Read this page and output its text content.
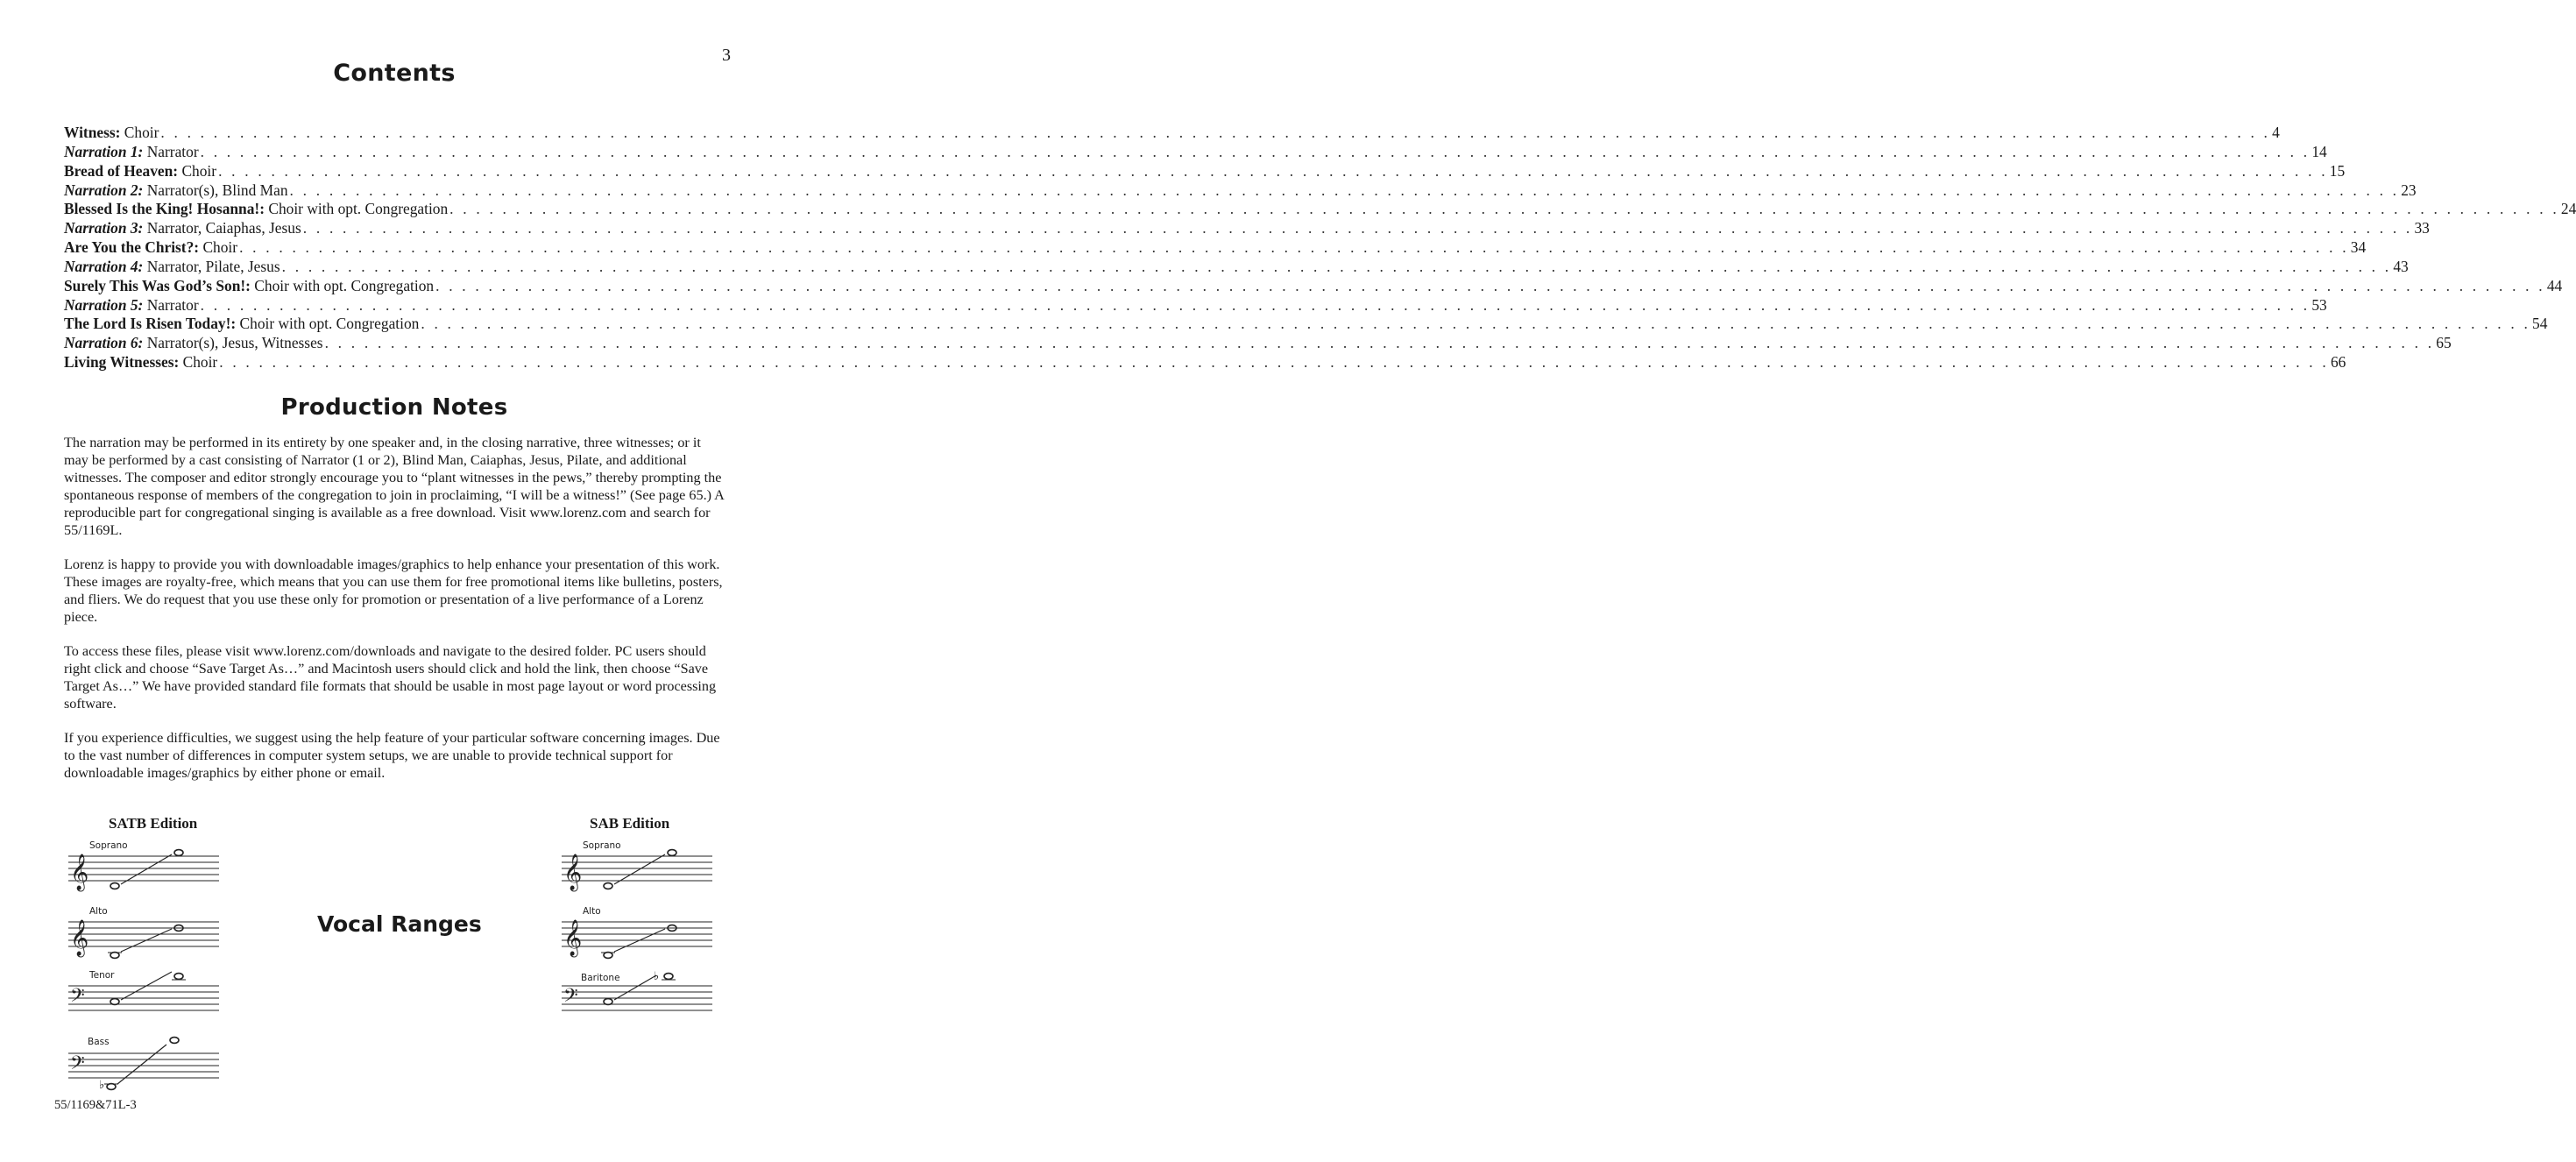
3
Contents
Witness: Choir . . . . . . . . . . . . . . . . . . . . . . . . . . . . . . . . . . . . . . . . . . . . . . . . . . . . . . . . . . . . . . . . . . . . . . . . . . . . . . . . . . . . . . . . . . . . . . . . . . . . . . . . . . . . . . . . . . . . . . . . . . . . . . . . . . . . . . . . . . . . . . . . . . . . . . . . . . . . . . . . 4
Narration 1: Narrator . . . . . . . . . . . . . . . . . . . . . . . . . . . . . . . . . . . . . . . . . . . . . . . . . . . . . . . . . . . . . . . . . . . . . . . . . . . . . . . . . . . . . . . . . . . . . . . . . . . . . . . . . . . . . . . . . . . . . . . . . . . . . . . . . . . . . . . . . . . . . . . . . . . . . . . . . . . . . . . . 14
Bread of Heaven: Choir . . . . . . . . . . . . . . . . . . . . . . . . . . . . . . . . . . . . . . . . . . . . . . . . . . . . . . . . . . . . . . . . . . . . . . . . . . . . . . . . . . . . . . . . . . . . . . . . . . . . . . . . . . . . . . . . . . . . . . . . . . . . . . . . . . . . . . . . . . . . . . . . . . . . . . . . . . . . . . . . 15
Narration 2: Narrator(s), Blind Man . . . . . . . . . . . . . . . . . . . . . . . . . . . . . . . . . . . . . . . . . . . . . . . . . . . . . . . . . . . . . . . . . . . . . . . . . . . . . . . . . . . . . . . . . . . . . . . . . . . . . . . . . . . . . . . . . . . . . . . . . . . . . . . . . . . . . . . . . . . . . . . . . . . . . . . . . . . . . . . . 23
Blessed Is the King! Hosanna!: Choir with opt. Congregation . . . . . . . . . . . . . . . . . . . . . . . . . . . . . . . . . . . . . . . . . . . . . . . . . . . . . . . . . . . . . . . . . . . . . . . . . . . . . . . . . . . . . . . . . . . . . . . . . . . . . . . . . . . . . . . . . . . . . . . . . . . . . . . . . . . . . . . . . . . . . . . . . . . . . . . . . . . . . . . . 24
Narration 3: Narrator, Caiaphas, Jesus . . . . . . . . . . . . . . . . . . . . . . . . . . . . . . . . . . . . . . . . . . . . . . . . . . . . . . . . . . . . . . . . . . . . . . . . . . . . . . . . . . . . . . . . . . . . . . . . . . . . . . . . . . . . . . . . . . . . . . . . . . . . . . . . . . . . . . . . . . . . . . . . . . . . . . . . . . . . . . . . 33
Are You the Christ?: Choir . . . . . . . . . . . . . . . . . . . . . . . . . . . . . . . . . . . . . . . . . . . . . . . . . . . . . . . . . . . . . . . . . . . . . . . . . . . . . . . . . . . . . . . . . . . . . . . . . . . . . . . . . . . . . . . . . . . . . . . . . . . . . . . . . . . . . . . . . . . . . . . . . . . . . . . . . . . . . . . . 34
Narration 4: Narrator, Pilate, Jesus . . . . . . . . . . . . . . . . . . . . . . . . . . . . . . . . . . . . . . . . . . . . . . . . . . . . . . . . . . . . . . . . . . . . . . . . . . . . . . . . . . . . . . . . . . . . . . . . . . . . . . . . . . . . . . . . . . . . . . . . . . . . . . . . . . . . . . . . . . . . . . . . . . . . . . . . . . . . . . . . 43
Surely This Was God’s Son!: Choir with opt. Congregation . . . . . . . . . . . . . . . . . . . . . . . . . . . . . . . . . . . . . . . . . . . . . . . . . . . . . . . . . . . . . . . . . . . . . . . . . . . . . . . . . . . . . . . . . . . . . . . . . . . . . . . . . . . . . . . . . . . . . . . . . . . . . . . . . . . . . . . . . . . . . . . . . . . . . . . . . . . . . . . . 44
Narration 5: Narrator . . . . . . . . . . . . . . . . . . . . . . . . . . . . . . . . . . . . . . . . . . . . . . . . . . . . . . . . . . . . . . . . . . . . . . . . . . . . . . . . . . . . . . . . . . . . . . . . . . . . . . . . . . . . . . . . . . . . . . . . . . . . . . . . . . . . . . . . . . . . . . . . . . . . . . . . . . . . . . . . 53
The Lord Is Risen Today!: Choir with opt. Congregation . . . . . . . . . . . . . . . . . . . . . . . . . . . . . . . . . . . . . . . . . . . . . . . . . . . . . . . . . . . . . . . . . . . . . . . . . . . . . . . . . . . . . . . . . . . . . . . . . . . . . . . . . . . . . . . . . . . . . . . . . . . . . . . . . . . . . . . . . . . . . . . . . . . . . . . . . . . . . . . . 54
Narration 6: Narrator(s), Jesus, Witnesses . . . . . . . . . . . . . . . . . . . . . . . . . . . . . . . . . . . . . . . . . . . . . . . . . . . . . . . . . . . . . . . . . . . . . . . . . . . . . . . . . . . . . . . . . . . . . . . . . . . . . . . . . . . . . . . . . . . . . . . . . . . . . . . . . . . . . . . . . . . . . . . . . . . . . . . . . . . . . . . . 65
Living Witnesses: Choir . . . . . . . . . . . . . . . . . . . . . . . . . . . . . . . . . . . . . . . . . . . . . . . . . . . . . . . . . . . . . . . . . . . . . . . . . . . . . . . . . . . . . . . . . . . . . . . . . . . . . . . . . . . . . . . . . . . . . . . . . . . . . . . . . . . . . . . . . . . . . . . . . . . . . . . . . . . . . . . . 66
Production Notes

The narration may be performed in its entirety by one speaker and, in the closing narrative, three witnesses; or it may be performed by a cast consisting of Narrator (1 or 2), Blind Man, Caiaphas, Jesus, Pilate, and additional witnesses. The composer and editor strongly encourage you to “plant witnesses in the pews,” thereby prompting the spontaneous response of members of the congregation to join in proclaiming, “I will be a witness!” (See page 65.) A reproducible part for congregational singing is available as a free download. Visit www.lorenz.com and search for 55/1169L.

Lorenz is happy to provide you with downloadable images/graphics to help enhance your presentation of this work. These images are royalty-free, which means that you can use them for free promotional items like bulletins, posters, and fliers. We do request that you use these only for promotion or presentation of a live performance of a Lorenz piece.

To access these files, please visit www.lorenz.com/downloads and navigate to the desired folder. PC users should right click and choose “Save Target As…” and Macintosh users should click and hold the link, then choose “Save Target As…” We have provided standard file formats that should be usable in most page layout or word processing software.

If you experience difficulties, we suggest using the help feature of your particular software concerning images. Due to the vast number of differences in computer system setups, we are unable to provide technical support for downloadable images/graphics by either phone or email.

SATB Edition	SAB Edition
Vocal Ranges
𝄞
Soprano
𝄞
Alto
𝄢
Tenor
𝄢
Bass
♭
𝄞
Soprano
𝄞
Alto
𝄢
Baritone	♭
55/1169&71L-3
